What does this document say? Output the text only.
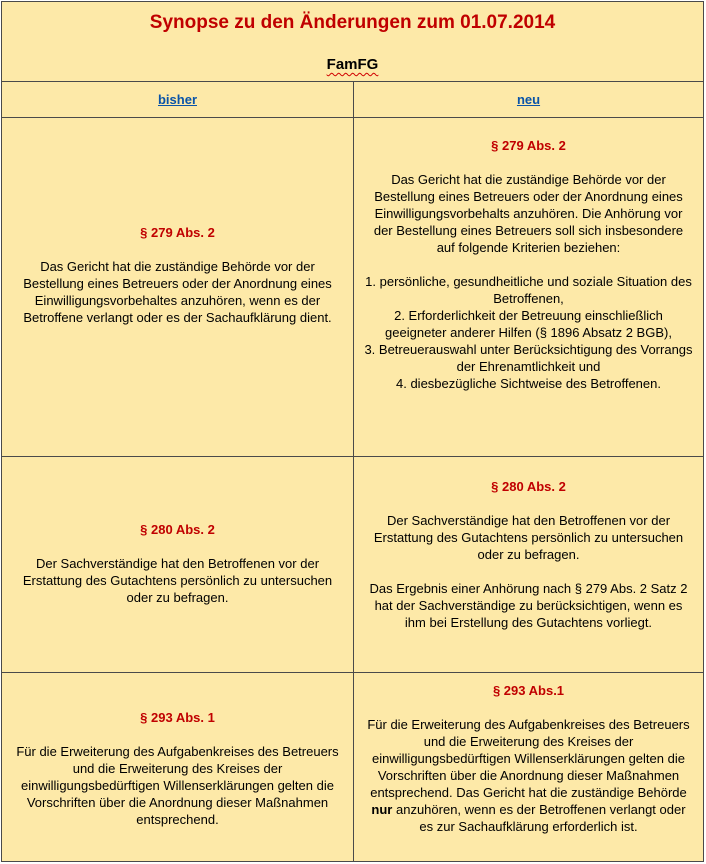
Synopse zu den Änderungen zum 01.07.2014
FamFG
bisher	neu
§ 279 Abs. 2
Das Gericht hat die zuständige Behörde vor der Bestellung eines Betreuers oder der Anordnung eines Einwilligungsvorbehaltes anzuhören, wenn es der Betroffene verlangt oder es der Sachaufklärung dient.
§ 279 Abs. 2
Das Gericht hat die zuständige Behörde vor der Bestellung eines Betreuers oder der Anordnung eines Einwilligungsvorbehalts anzuhören. Die Anhörung vor der Bestellung eines Betreuers soll sich insbesondere auf folgende Kriterien beziehen:
1. persönliche, gesundheitliche und soziale Situation des Betroffenen,
2. Erforderlichkeit der Betreuung einschließlich geeigneter anderer Hilfen (§ 1896 Absatz 2 BGB),
3. Betreuerauswahl unter Berücksichtigung des Vorrangs der Ehrenamtlichkeit und
4. diesbezügliche Sichtweise des Betroffenen.
§ 280 Abs. 2
Der Sachverständige hat den Betroffenen vor der Erstattung des Gutachtens persönlich zu untersuchen oder zu befragen.
§ 280 Abs. 2
Der Sachverständige hat den Betroffenen vor der Erstattung des Gutachtens persönlich zu untersuchen oder zu befragen.
Das Ergebnis einer Anhörung nach § 279 Abs. 2 Satz 2 hat der Sachverständige zu berücksichtigen, wenn es ihm bei Erstellung des Gutachtens vorliegt.
§ 293 Abs. 1
Für die Erweiterung des Aufgabenkreises des Betreuers und die Erweiterung des Kreises der einwilligungsbedürftigen Willenserklärungen gelten die Vorschriften über die Anordnung dieser Maßnahmen entsprechend.
§ 293 Abs.1
Für die Erweiterung des Aufgabenkreises des Betreuers und die Erweiterung des Kreises der einwilligungsbedürftigen Willenserklärungen gelten die Vorschriften über die Anordnung dieser Maßnahmen entsprechend. Das Gericht hat die zuständige Behörde nur anzuhören, wenn es der Betroffenen verlangt oder es zur Sachaufklärung erforderlich ist.
